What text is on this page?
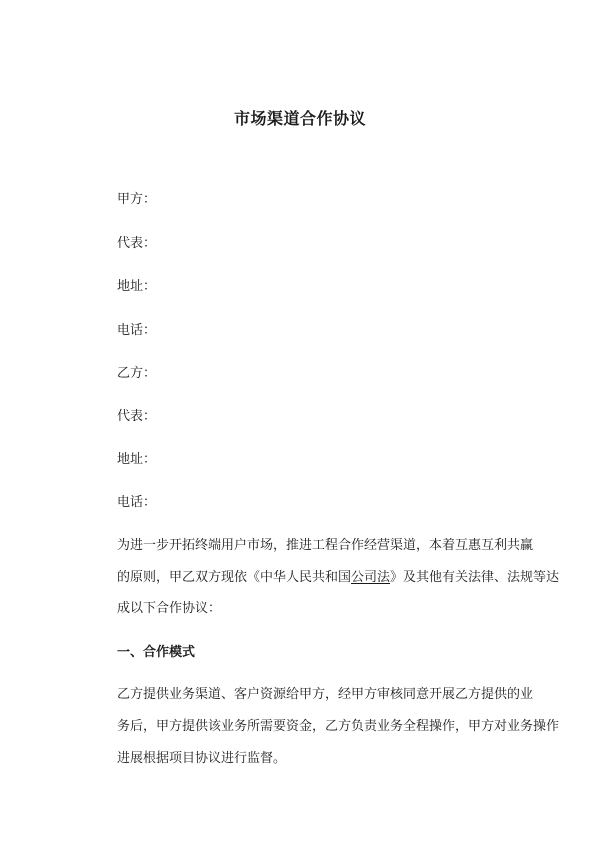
市场渠道合作协议
甲方：
代表：
地址：
电话：
乙方：
代表：
地址：
电话：
为进一步开拓终端用户市场，推进工程合作经营渠道，本着互惠互利共赢
的原则，甲乙双方现依《中华人民共和国公司法》及其他有关法律、法规等达
成以下合作协议：
一、合作模式
乙方提供业务渠道、客户资源给甲方，经甲方审核同意开展乙方提供的业
务后，甲方提供该业务所需要资金，乙方负责业务全程操作，甲方对业务操作
进展根据项目协议进行监督。
